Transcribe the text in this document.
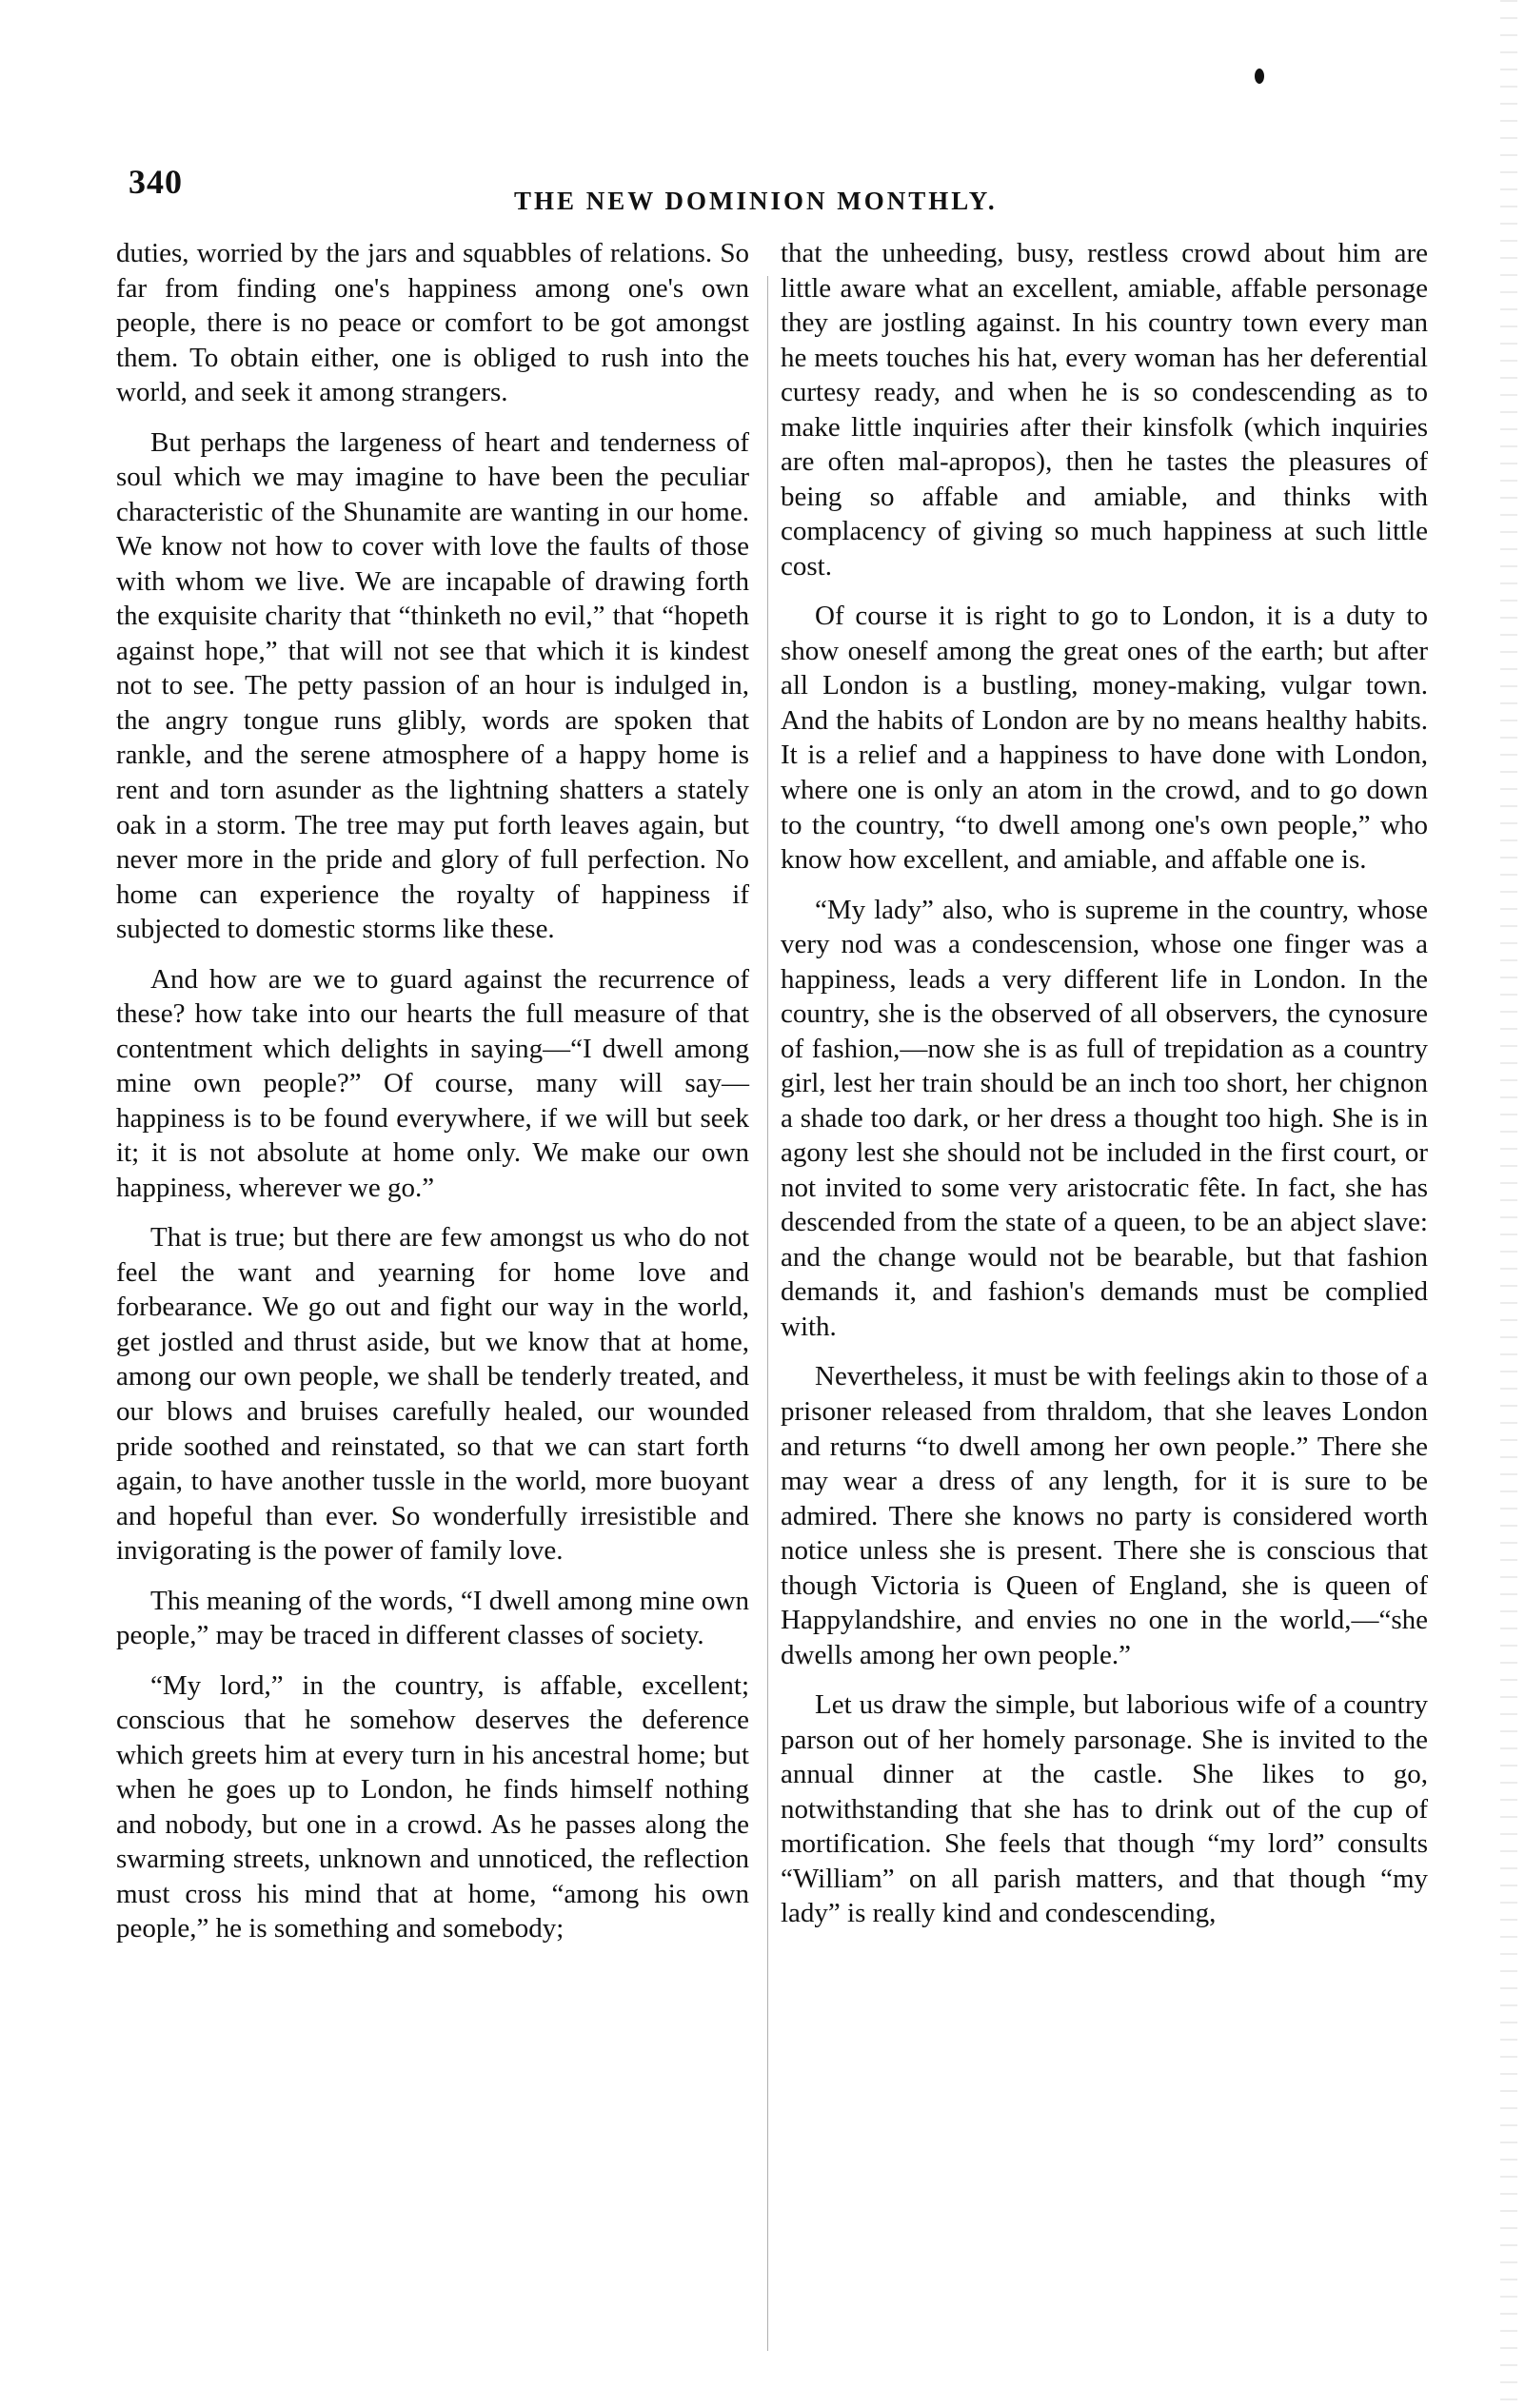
340	THE NEW DOMINION MONTHLY.

duties, worried by the jars and squabbles of relations. So far from finding one's happiness among one's own people, there is no peace or comfort to be got amongst them. To obtain either, one is obliged to rush into the world, and seek it among strangers.

But perhaps the largeness of heart and tenderness of soul which we may imagine to have been the peculiar characteristic of the Shunamite are wanting in our home. We know not how to cover with love the faults of those with whom we live. We are incapable of drawing forth the exquisite charity that “thinketh no evil,” that “hopeth against hope,” that will not see that which it is kindest not to see. The petty passion of an hour is indulged in, the angry tongue runs glibly, words are spoken that rankle, and the serene atmosphere of a happy home is rent and torn asunder as the lightning shatters a stately oak in a storm. The tree may put forth leaves again, but never more in the pride and glory of full perfection. No home can experience the royalty of happiness if subjected to domestic storms like these.

And how are we to guard against the recurrence of these? how take into our hearts the full measure of that contentment which delights in saying—“I dwell among mine own people?” Of course, many will say—happiness is to be found everywhere, if we will but seek it; it is not absolute at home only. We make our own happiness, wherever we go.”

That is true; but there are few amongst us who do not feel the want and yearning for home love and forbearance. We go out and fight our way in the world, get jostled and thrust aside, but we know that at home, among our own people, we shall be tenderly treated, and our blows and bruises carefully healed, our wounded pride soothed and reinstated, so that we can start forth again, to have another tussle in the world, more buoyant and hopeful than ever. So wonderfully irresistible and invigorating is the power of family love.

This meaning of the words, “I dwell among mine own people,” may be traced in different classes of society.

“My lord,” in the country, is affable, excellent; conscious that he somehow deserves the deference which greets him at every turn in his ancestral home; but when he goes up to London, he finds himself nothing and nobody, but one in a crowd. As he passes along the swarming streets, unknown and unnoticed, the reflection must cross his mind that at home, “among his own people,” he is something and somebody;

that the unheeding, busy, restless crowd about him are little aware what an excellent, amiable, affable personage they are jostling against. In his country town every man he meets touches his hat, every woman has her deferential curtesy ready, and when he is so condescending as to make little inquiries after their kinsfolk (which inquiries are often mal-apropos), then he tastes the pleasures of being so affable and amiable, and thinks with complacency of giving so much happiness at such little cost.

Of course it is right to go to London, it is a duty to show oneself among the great ones of the earth; but after all London is a bustling, money-making, vulgar town. And the habits of London are by no means healthy habits. It is a relief and a happiness to have done with London, where one is only an atom in the crowd, and to go down to the country, “to dwell among one's own people,” who know how excellent, and amiable, and affable one is.

“My lady” also, who is supreme in the country, whose very nod was a condescension, whose one finger was a happiness, leads a very different life in London. In the country, she is the observed of all observers, the cynosure of fashion,—now she is as full of trepidation as a country girl, lest her train should be an inch too short, her chignon a shade too dark, or her dress a thought too high. She is in agony lest she should not be included in the first court, or not invited to some very aristocratic fête. In fact, she has descended from the state of a queen, to be an abject slave: and the change would not be bearable, but that fashion demands it, and fashion's demands must be complied with.

Nevertheless, it must be with feelings akin to those of a prisoner released from thraldom, that she leaves London and returns “to dwell among her own people.” There she may wear a dress of any length, for it is sure to be admired. There she knows no party is considered worth notice unless she is present. There she is conscious that though Victoria is Queen of England, she is queen of Happylandshire, and envies no one in the world,—“she dwells among her own people.”

Let us draw the simple, but laborious wife of a country parson out of her homely parsonage. She is invited to the annual dinner at the castle. She likes to go, notwithstanding that she has to drink out of the cup of mortification. She feels that though “my lord” consults “William” on all parish matters, and that though “my lady” is really kind and condescending,
